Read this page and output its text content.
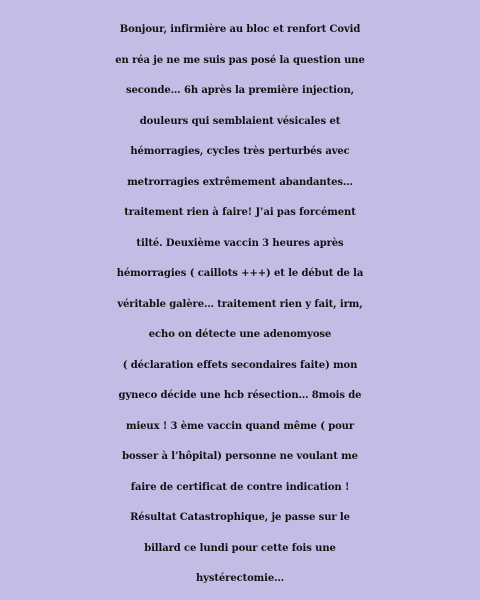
Bonjour, infirmière au bloc et renfort Covid
en réa je ne me suis pas posé la question une
seconde… 6h après la première injection,
douleurs qui semblaient vésicales et
hémorragies, cycles très perturbés avec
metrorragies extrêmement abandantes…
traitement rien à faire! J’ai pas forcément
tilté. Deuxième vaccin 3 heures après
hémorragies ( caillots +++) et le début de la
véritable galère… traitement rien y fait, irm,
echo on détecte une adenomyose
( déclaration effets secondaires faite) mon
gyneco décide une hcb résection… 8mois de
mieux ! 3 ème vaccin quand même ( pour
bosser à l’hôpital) personne ne voulant me
faire de certificat de contre indication !
Résultat Catastrophique, je passe sur le
billard ce lundi pour cette fois une
hystérectomie…
